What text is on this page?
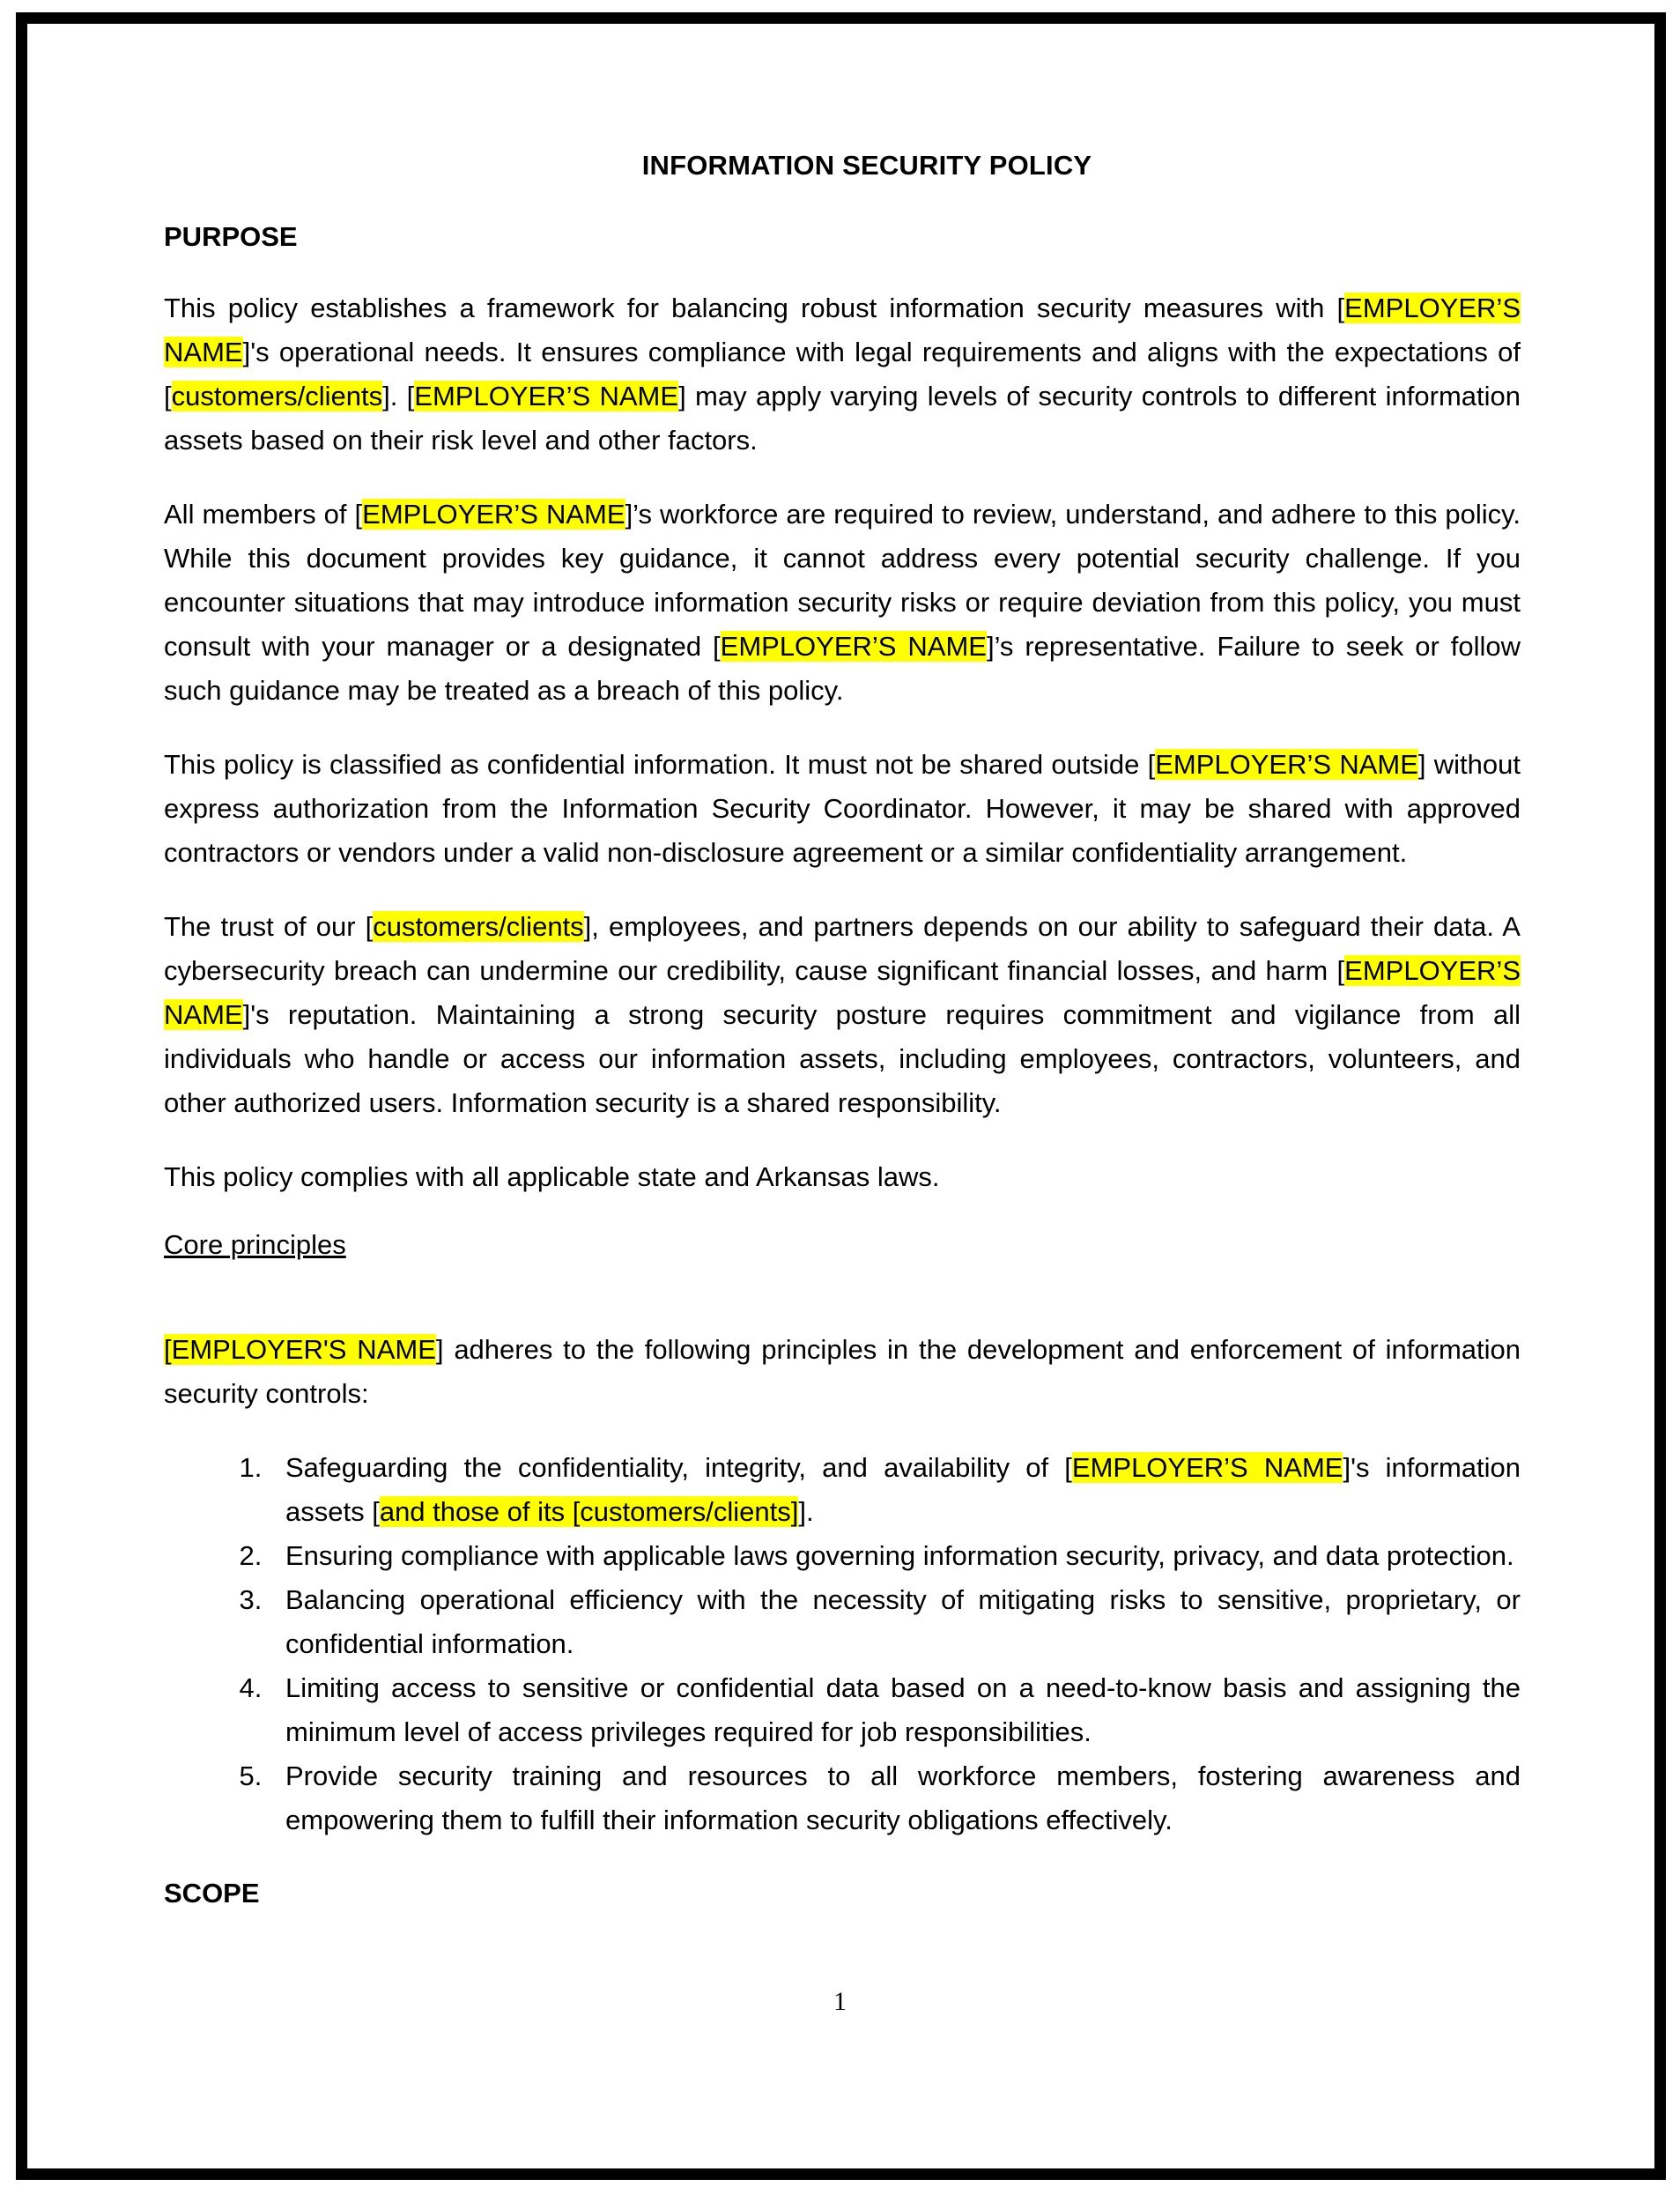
INFORMATION SECURITY POLICY
PURPOSE

This policy establishes a framework for balancing robust information security measures with [EMPLOYER’S NAME]'s operational needs. It ensures compliance with legal requirements and aligns with the expectations of [customers/clients]. [EMPLOYER’S NAME] may apply varying levels of security controls to different information assets based on their risk level and other factors.

All members of [EMPLOYER’S NAME]’s workforce are required to review, understand, and adhere to this policy. While this document provides key guidance, it cannot address every potential security challenge. If you encounter situations that may introduce information security risks or require deviation from this policy, you must consult with your manager or a designated [EMPLOYER’S NAME]’s representative. Failure to seek or follow such guidance may be treated as a breach of this policy.

This policy is classified as confidential information. It must not be shared outside [EMPLOYER’S NAME] without express authorization from the Information Security Coordinator. However, it may be shared with approved contractors or vendors under a valid non-disclosure agreement or a similar confidentiality arrangement.

The trust of our [customers/clients], employees, and partners depends on our ability to safeguard their data. A cybersecurity breach can undermine our credibility, cause significant financial losses, and harm [EMPLOYER’S NAME]'s reputation. Maintaining a strong security posture requires commitment and vigilance from all individuals who handle or access our information assets, including employees, contractors, volunteers, and other authorized users. Information security is a shared responsibility.

This policy complies with all applicable state and Arkansas laws.

Core principles

[EMPLOYER'S NAME] adheres to the following principles in the development and enforcement of information security controls:

1. Safeguarding the confidentiality, integrity, and availability of [EMPLOYER’S NAME]'s information assets [and those of its [customers/clients]].
2. Ensuring compliance with applicable laws governing information security, privacy, and data protection.
3. Balancing operational efficiency with the necessity of mitigating risks to sensitive, proprietary, or confidential information.
4. Limiting access to sensitive or confidential data based on a need-to-know basis and assigning the minimum level of access privileges required for job responsibilities.
5. Provide security training and resources to all workforce members, fostering awareness and empowering them to fulfill their information security obligations effectively.
SCOPE
1
